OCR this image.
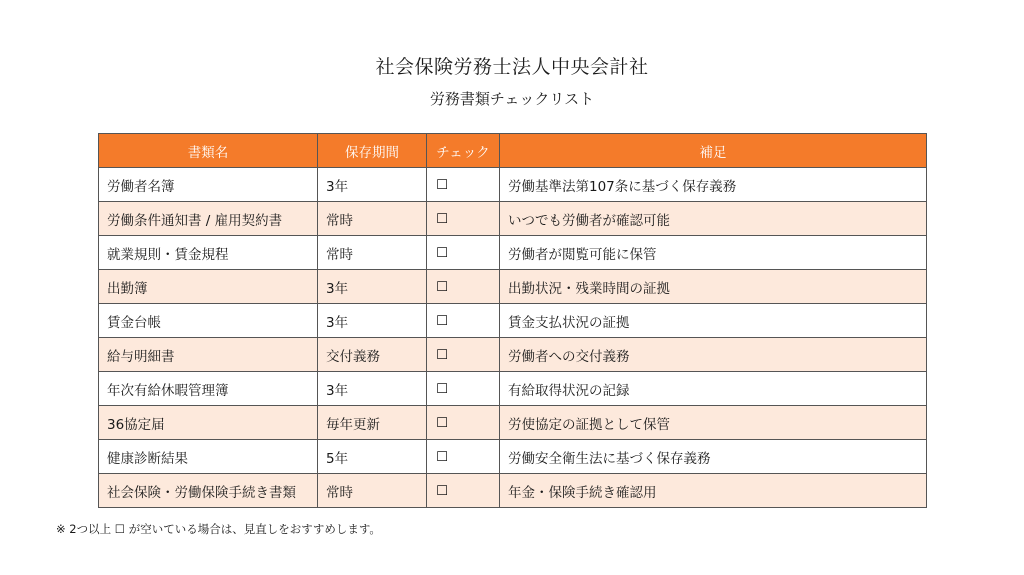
社会保険労務士法人中央会計社
労務書類チェックリスト
書類名	保存期間	チェック	補足
労働者名簿	3年	☐	労働基準法第107条に基づく保存義務
労働条件通知書 / 雇用契約書	常時	☐	いつでも労働者が確認可能
就業規則・賃金規程	常時	☐	労働者が閲覧可能に保管
出勤簿	3年	☐	出勤状況・残業時間の証拠
賃金台帳	3年	☐	賃金支払状況の証拠
給与明細書	交付義務	☐	労働者への交付義務
年次有給休暇管理簿	3年	☐	有給取得状況の記録
36協定届	毎年更新	☐	労使協定の証拠として保管
健康診断結果	5年	☐	労働安全衛生法に基づく保存義務
社会保険・労働保険手続き書類	常時	☐	年金・保険手続き確認用
※ 2つ以上 ☐ が空いている場合は、見直しをおすすめします。
